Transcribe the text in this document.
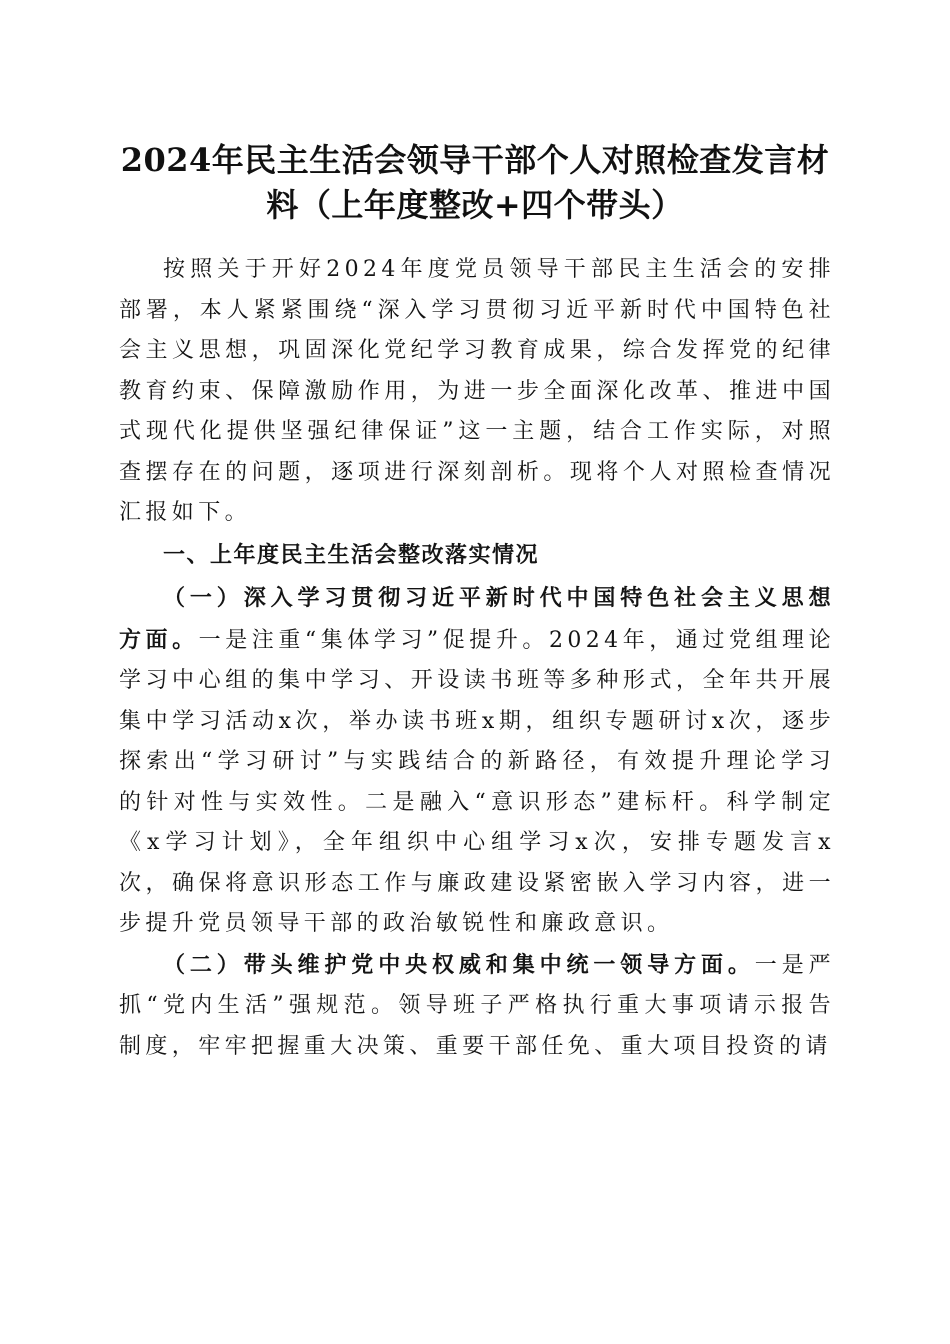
2024年民主生活会领导干部个人对照检查发言材料（上年度整改+四个带头）

按照关于开好2024年度党员领导干部民主生活会的安排部署，本人紧紧围绕“深入学习贯彻习近平新时代中国特色社会主义思想，巩固深化党纪学习教育成果，综合发挥党的纪律教育约束、保障激励作用，为进一步全面深化改革、推进中国式现代化提供坚强纪律保证”这一主题，结合工作实际，对照查摆存在的问题，逐项进行深刻剖析。现将个人对照检查情况汇报如下。

一、上年度民主生活会整改落实情况

（一）深入学习贯彻习近平新时代中国特色社会主义思想方面。一是注重“集体学习”促提升。2024年，通过党组理论学习中心组的集中学习、开设读书班等多种形式，全年共开展集中学习活动x次，举办读书班x期，组织专题研讨x次，逐步探索出“学习研讨”与实践结合的新路径，有效提升理论学习的针对性与实效性。二是融入“意识形态”建标杆。科学制定《x学习计划》，全年组织中心组学习x次，安排专题发言x次，确保将意识形态工作与廉政建设紧密嵌入学习内容，进一步提升党员领导干部的政治敏锐性和廉政意识。

（二）带头维护党中央权威和集中统一领导方面。一是严抓“党内生活”强规范。领导班子严格执行重大事项请示报告制度，牢牢把握重大决策、重要干部任免、重大项目投资的请
